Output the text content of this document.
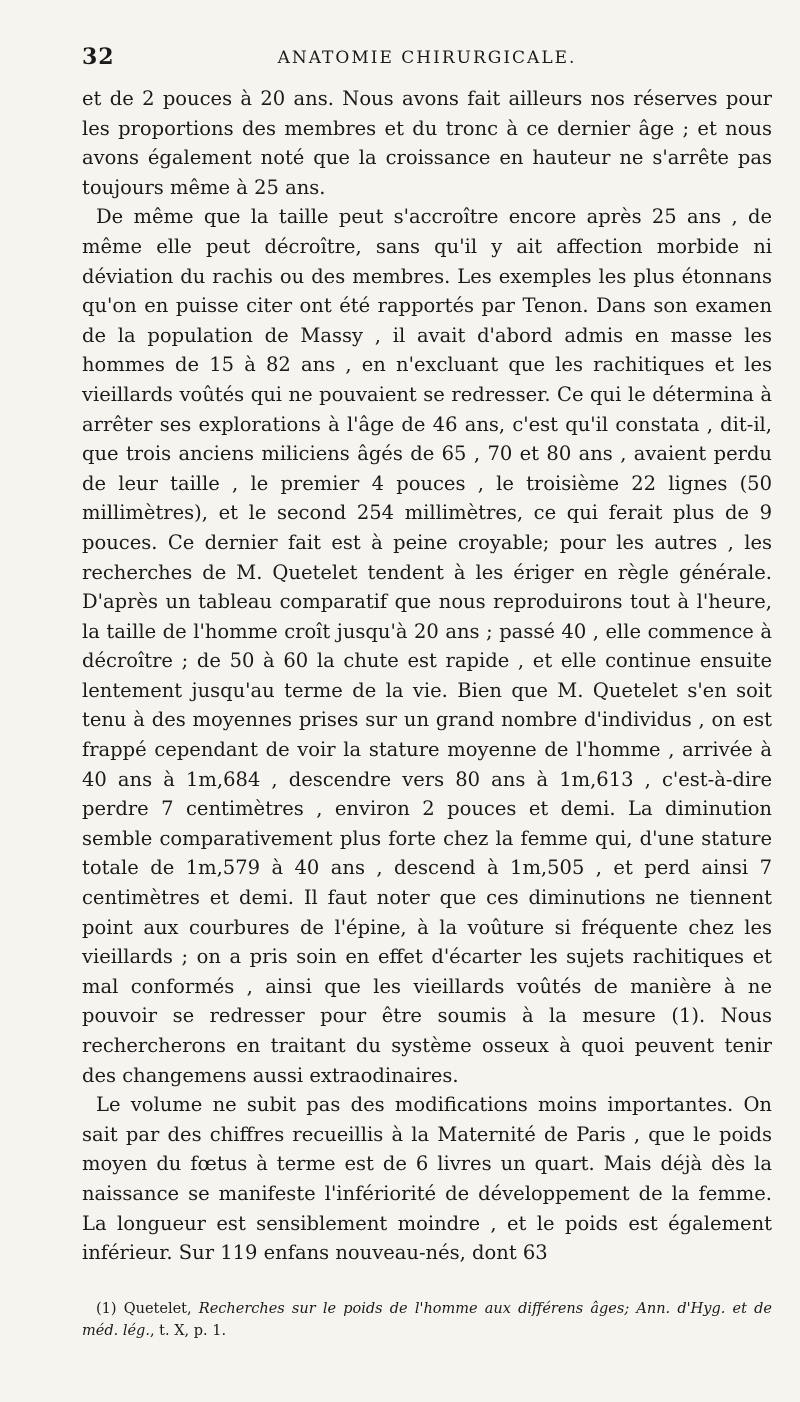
32	ANATOMIE CHIRURGICALE.

et de 2 pouces à 20 ans. Nous avons fait ailleurs nos réserves pour les proportions des membres et du tronc à ce dernier âge ; et nous avons également noté que la croissance en hauteur ne s'arrête pas toujours même à 25 ans.

De même que la taille peut s'accroître encore après 25 ans , de même elle peut décroître, sans qu'il y ait affection morbide ni déviation du rachis ou des membres. Les exemples les plus étonnans qu'on en puisse citer ont été rapportés par Tenon. Dans son examen de la population de Massy , il avait d'abord admis en masse les hommes de 15 à 82 ans , en n'excluant que les rachitiques et les vieillards voûtés qui ne pouvaient se redresser. Ce qui le détermina à arrêter ses explorations à l'âge de 46 ans, c'est qu'il constata , dit-il, que trois anciens miliciens âgés de 65 , 70 et 80 ans , avaient perdu de leur taille , le premier 4 pouces , le troisième 22 lignes (50 millimètres), et le second 254 millimètres, ce qui ferait plus de 9 pouces. Ce dernier fait est à peine croyable; pour les autres , les recherches de M. Quetelet tendent à les ériger en règle générale. D'après un tableau comparatif que nous reproduirons tout à l'heure, la taille de l'homme croît jusqu'à 20 ans ; passé 40 , elle commence à décroître ; de 50 à 60 la chute est rapide , et elle continue ensuite lentement jusqu'au terme de la vie. Bien que M. Quetelet s'en soit tenu à des moyennes prises sur un grand nombre d'individus , on est frappé cependant de voir la stature moyenne de l'homme , arrivée à 40 ans à 1m,684 , descendre vers 80 ans à 1m,613 , c'est-à-dire perdre 7 centimètres , environ 2 pouces et demi. La diminution semble comparativement plus forte chez la femme qui, d'une stature totale de 1m,579 à 40 ans , descend à 1m,505 , et perd ainsi 7 centimètres et demi. Il faut noter que ces diminutions ne tiennent point aux courbures de l'épine, à la voûture si fréquente chez les vieillards ; on a pris soin en effet d'écarter les sujets rachitiques et mal conformés , ainsi que les vieillards voûtés de manière à ne pouvoir se redresser pour être soumis à la mesure (1). Nous rechercherons en traitant du système osseux à quoi peuvent tenir des changemens aussi extraodinaires.

Le volume ne subit pas des modifications moins importantes. On sait par des chiffres recueillis à la Maternité de Paris , que le poids moyen du fœtus à terme est de 6 livres un quart. Mais déjà dès la naissance se manifeste l'infériorité de développement de la femme. La longueur est sensiblement moindre , et le poids est également inférieur. Sur 119 enfans nouveau-nés, dont 63

(1) Quetelet, Recherches sur le poids de l'homme aux différens âges; Ann. d'Hyg. et de méd. lég., t. X, p. 1.
